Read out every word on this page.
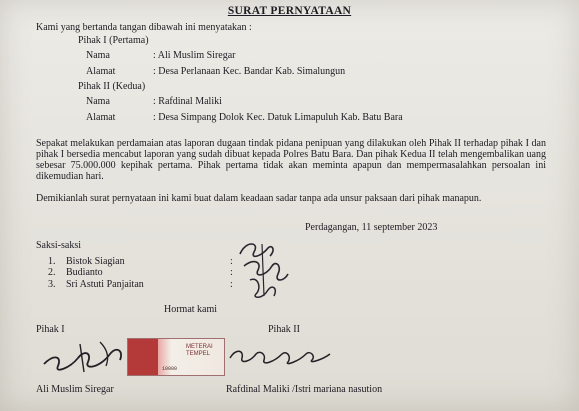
SURAT PERNYATAAN
Kami yang bertanda tangan dibawah ini menyatakan :
Pihak I (Pertama)
Nama	: Ali Muslim Siregar
Alamat	: Desa Perlanaan Kec. Bandar Kab. Simalungun
Pihak II (Kedua)
Nama	: Rafdinal Maliki
Alamat	: Desa Simpang Dolok Kec. Datuk Limapuluh Kab. Batu Bara
Sepakat melakukan perdamaian atas laporan dugaan tindak pidana penipuan yang dilakukan oleh Pihak II terhadap pihak I dan pihak I bersedia mencabut laporan yang sudah dibuat kepada Polres Batu Bara. Dan pihak Kedua II telah mengembalikan uang sebesar 75.000.000 kepihak pertama. Pihak pertama tidak akan meminta apapun dan mempermasalahkan persoalan ini dikemudian hari.
Demikianlah surat pernyataan ini kami buat dalam keadaan sadar tanpa ada unsur paksaan dari pihak manapun.
Perdagangan, 11 september 2023
Saksi-saksi
1. Bistok Siagian	:
2. Budianto	:
3. Sri Astuti Panjaitan	:
Hormat kami
Pihak I	Pihak II
METERAI TEMPEL
10000
Ali Muslim Siregar	Rafdinal Maliki /Istri mariana nasution
